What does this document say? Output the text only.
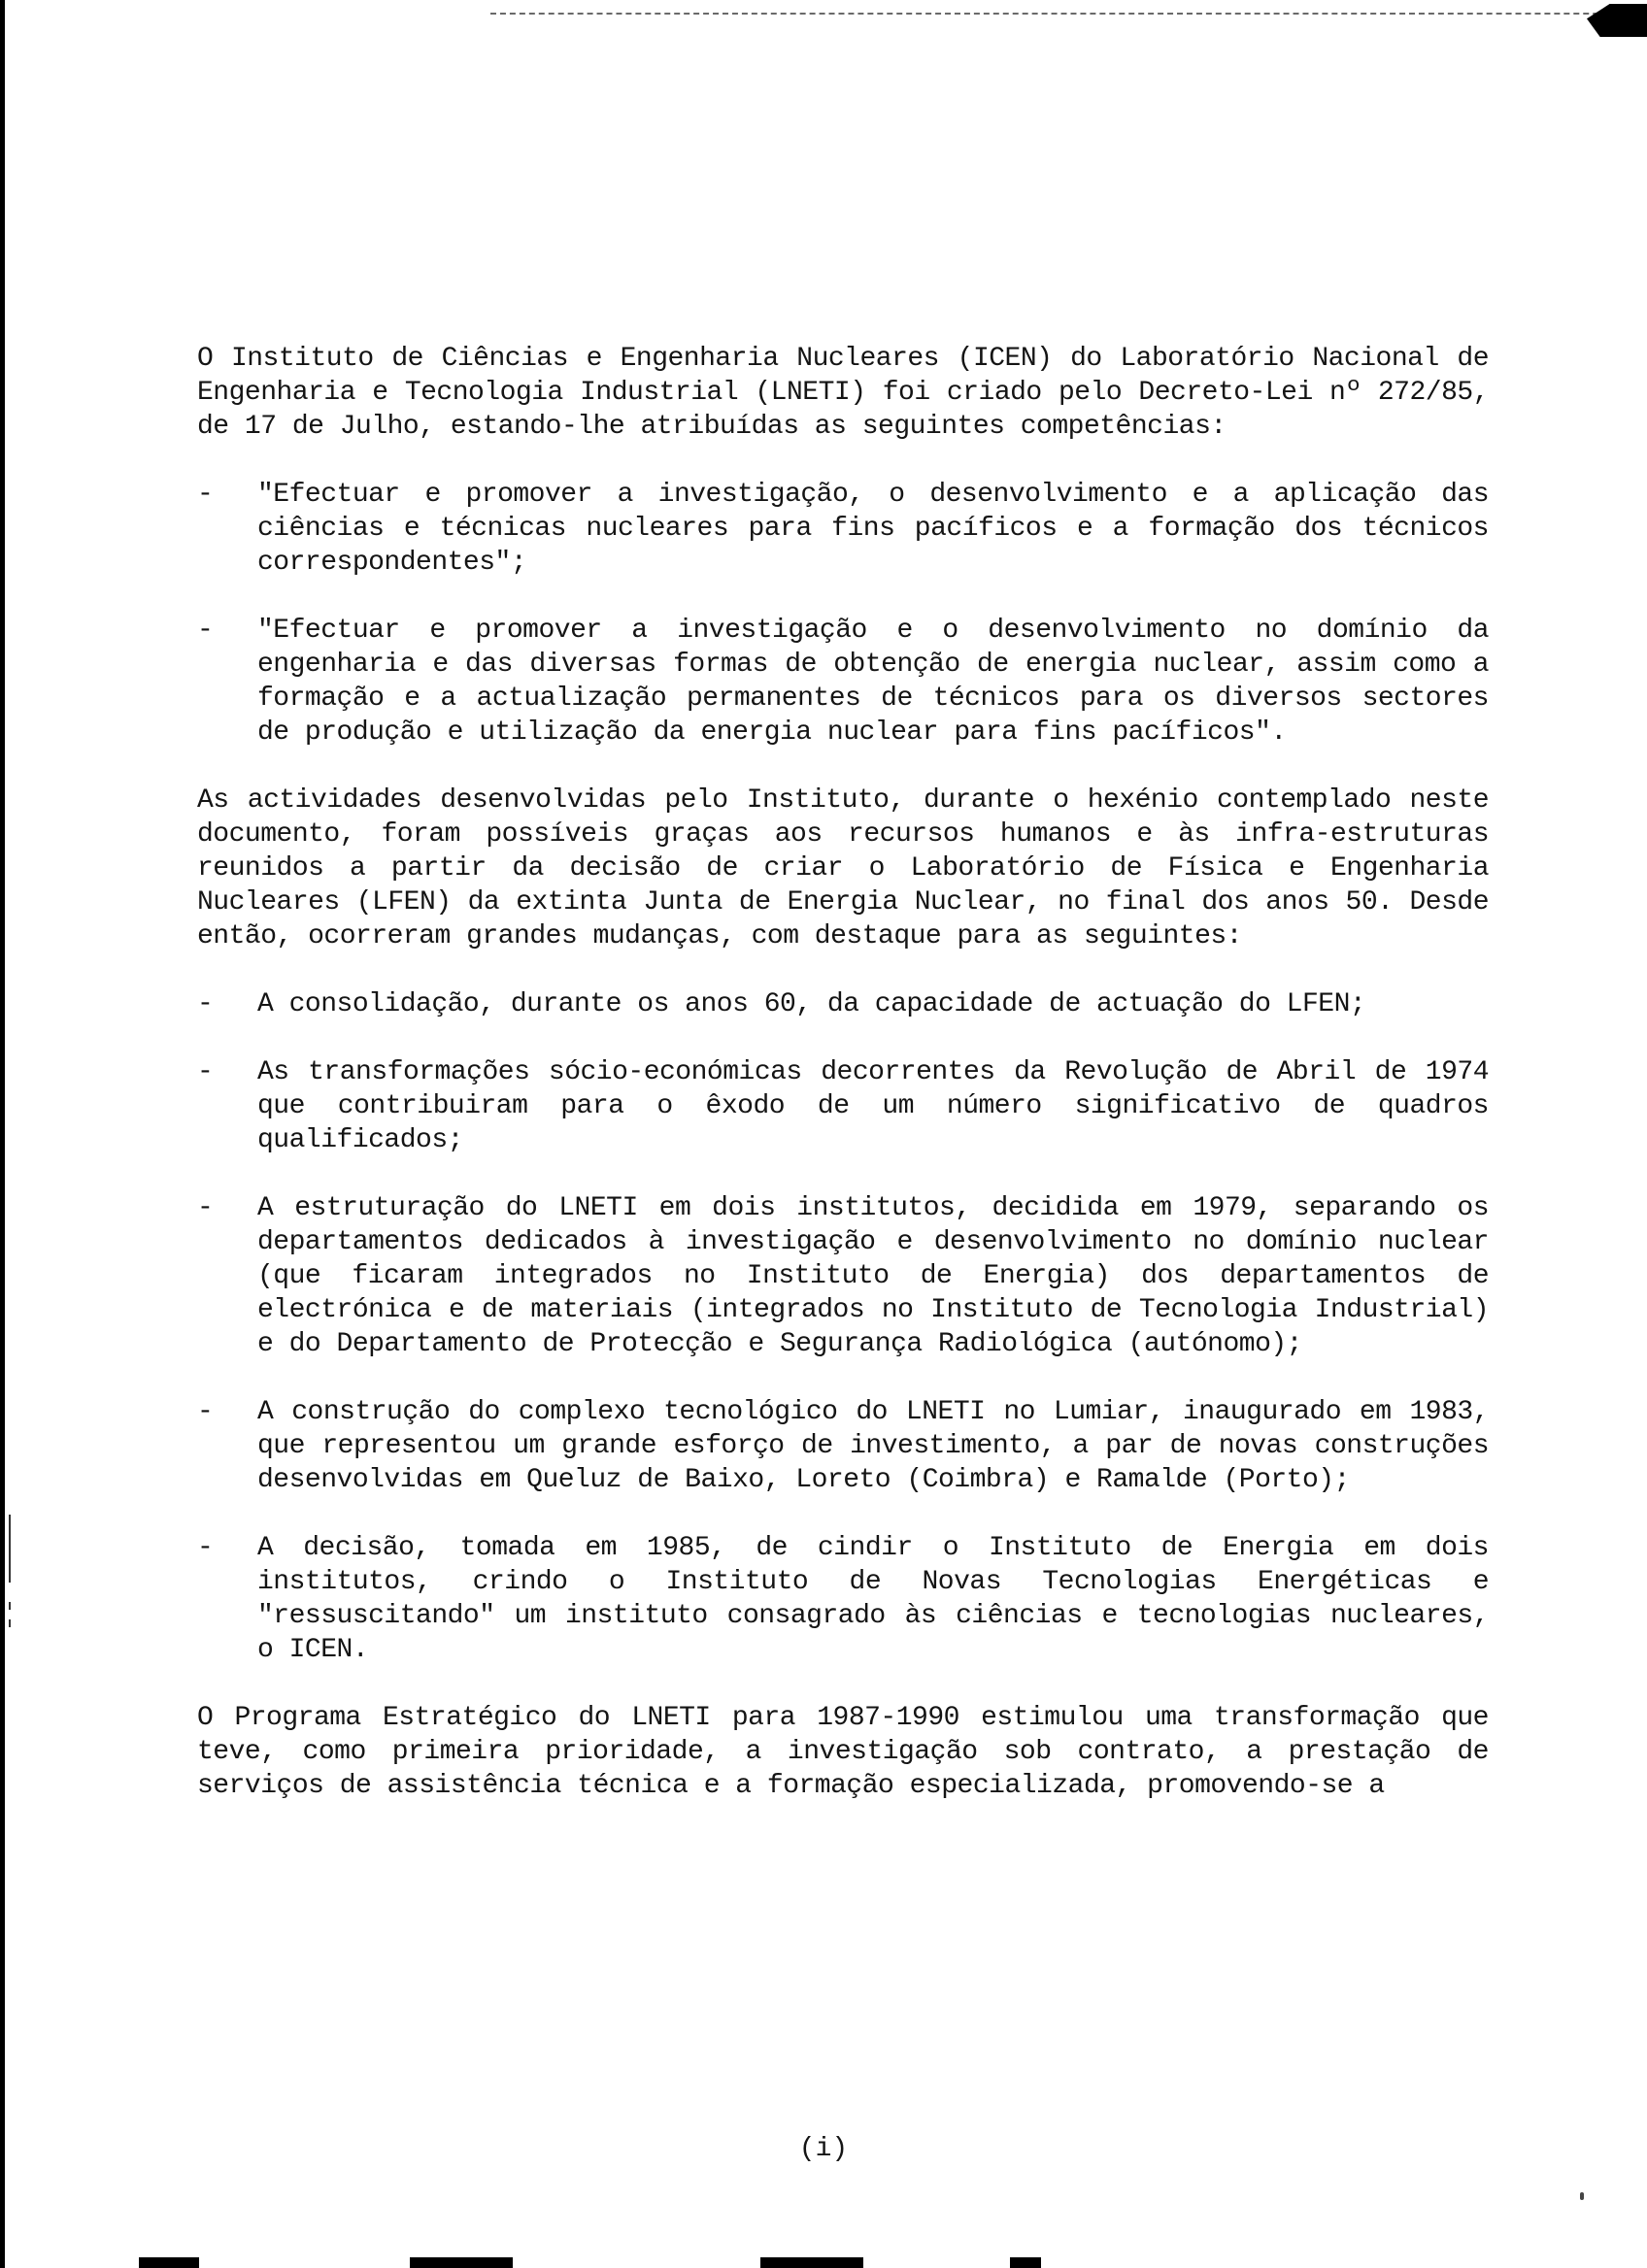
O Instituto de Ciências e Engenharia Nucleares (ICEN) do Laboratório Nacional de Engenharia e Tecnologia Industrial (LNETI) foi criado pelo Decreto-Lei nº 272/85, de 17 de Julho, estando-lhe atribuídas as seguintes competências:

-	"Efectuar e promover a investigação, o desenvolvimento e a aplicação das ciências e técnicas nucleares para fins pacíficos e a formação dos técnicos correspondentes";
-	"Efectuar e promover a investigação e o desenvolvimento no domínio da engenharia e das diversas formas de obtenção de energia nuclear, assim como a formação e a actualização permanentes de técnicos para os diversos sectores de produção e utilização da energia nuclear para fins pacíficos".

As actividades desenvolvidas pelo Instituto, durante o hexénio contemplado neste documento, foram possíveis graças aos recursos humanos e às infra-estruturas reunidos a partir da decisão de criar o Laboratório de Física e Engenharia Nucleares (LFEN) da extinta Junta de Energia Nuclear, no final dos anos 50. Desde então, ocorreram grandes mudanças, com destaque para as seguintes:

-	A consolidação, durante os anos 60, da capacidade de actuação do LFEN;
-	As transformações sócio-económicas decorrentes da Revolução de Abril de 1974 que contribuiram para o êxodo de um número significativo de quadros qualificados;
-	A estruturação do LNETI em dois institutos, decidida em 1979, separando os departamentos dedicados à investigação e desenvolvimento no domínio nuclear (que ficaram integrados no Instituto de Energia) dos departamentos de electrónica e de materiais (integrados no Instituto de Tecnologia Industrial) e do Departamento de Protecção e Segurança Radiológica (autónomo);
-	A construção do complexo tecnológico do LNETI no Lumiar, inaugurado em 1983, que representou um grande esforço de investimento, a par de novas construções desenvolvidas em Queluz de Baixo, Loreto (Coimbra) e Ramalde (Porto);
-	A decisão, tomada em 1985, de cindir o Instituto de Energia em dois institutos, crindo o Instituto de Novas Tecnologias Energéticas e "ressuscitando" um instituto consagrado às ciências e tecnologias nucleares, o ICEN.

O Programa Estratégico do LNETI para 1987-1990 estimulou uma transformação que teve, como primeira prioridade, a investigação sob contrato, a prestação de serviços de assistência técnica e a formação especializada, promovendo-se a

(i)
